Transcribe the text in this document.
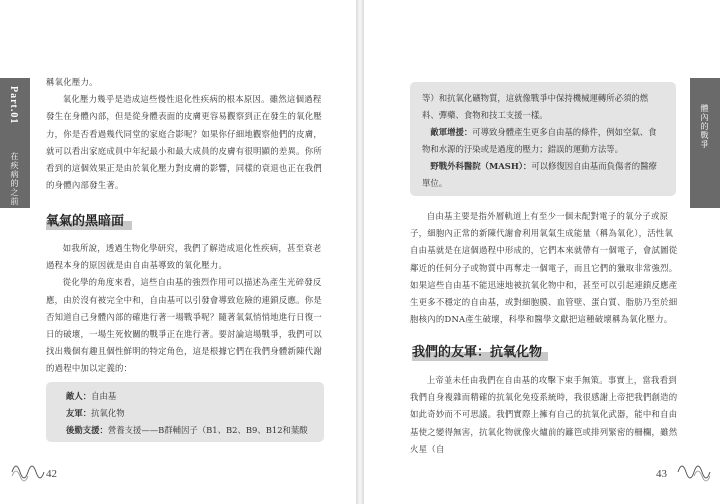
Part.01
在疾病的之前

稱氧化壓力。

氧化壓力幾乎是造成這些慢性退化性疾病的根本原因。雖然這個過程發生在身體內部，但是從身體表面的皮膚更容易觀察到正在發生的氧化壓力，你是否看過幾代同堂的家庭合影呢？如果你仔細地觀察他們的皮膚，就可以看出家庭成員中年紀最小和最大成員的皮膚有很明顯的差異。你所看到的這個效果正是由於氧化壓力對皮膚的影響，同樣的衰退也正在我們的身體內部發生著。

氧氣的黑暗面

如我所說，透過生物化學研究，我們了解造成退化性疾病，甚至衰老過程本身的原因就是由自由基導致的氧化壓力。

從化學的角度來看，這些自由基的強烈作用可以描述為產生光碎發反應，由於沒有被完全中和，自由基可以引發會導致危險的連鎖反應。你是否知道自己身體內部的確進行著一場戰爭呢？隨著氧氣悄悄地進行日復一日的破壞，一場生死攸關的戰爭正在進行著。要討論這場戰爭，我們可以找出幾個有趣且個性鮮明的特定角色，這是根據它們在我們身體新陳代謝的過程中加以定義的：

敵人： 自由基
友軍： 抗氧化物
後勤支援： 營養支援——B群輔因子（B1、B2、B9、B12和葉酸
42
體內的戰爭

等）和抗氧化礦物質，這就像戰爭中保持機械運轉所必須的燃料、彈藥、食物和技工支援一樣。

敵軍增援：可導致身體產生更多自由基的條件，例如空氣、食物和水源的汙染或是過度的壓力；錯誤的運動方法等。

野戰外科醫院（MASH）：可以修復因自由基而負傷者的醫療單位。

自由基主要是指外層軌道上有至少一個未配對電子的氧分子或原子，細胞內正常的新陳代謝會利用氧氣生成能量（稱為氧化），活性氧自由基就是在這個過程中形成的，它們本來就帶有一個電子，會試圖從鄰近的任何分子或物質中再奪走一個電子，而且它們的獵取非常強烈。如果這些自由基不能迅速地被抗氧化物中和，甚至可以引起連鎖反應產生更多不穩定的自由基，或對細胞膜、血管壁、蛋白質、脂肪乃至於細胞核內的DNA產生破壞，科學和醫學文獻把這種破壞稱為氧化壓力。

我們的友軍：抗氧化物

上帝並未任由我們在自由基的攻擊下束手無策。事實上，當我看到我們自身複雜而精確的抗氧化免疫系統時，我很感謝上帝把我們創造的如此奇妙而不可思議。我們實際上擁有自己的抗氧化武器，能中和自由基使之變得無害，抗氧化物就像火爐前的籬笆或排列緊密的柵欄，雖然火星（自

43
